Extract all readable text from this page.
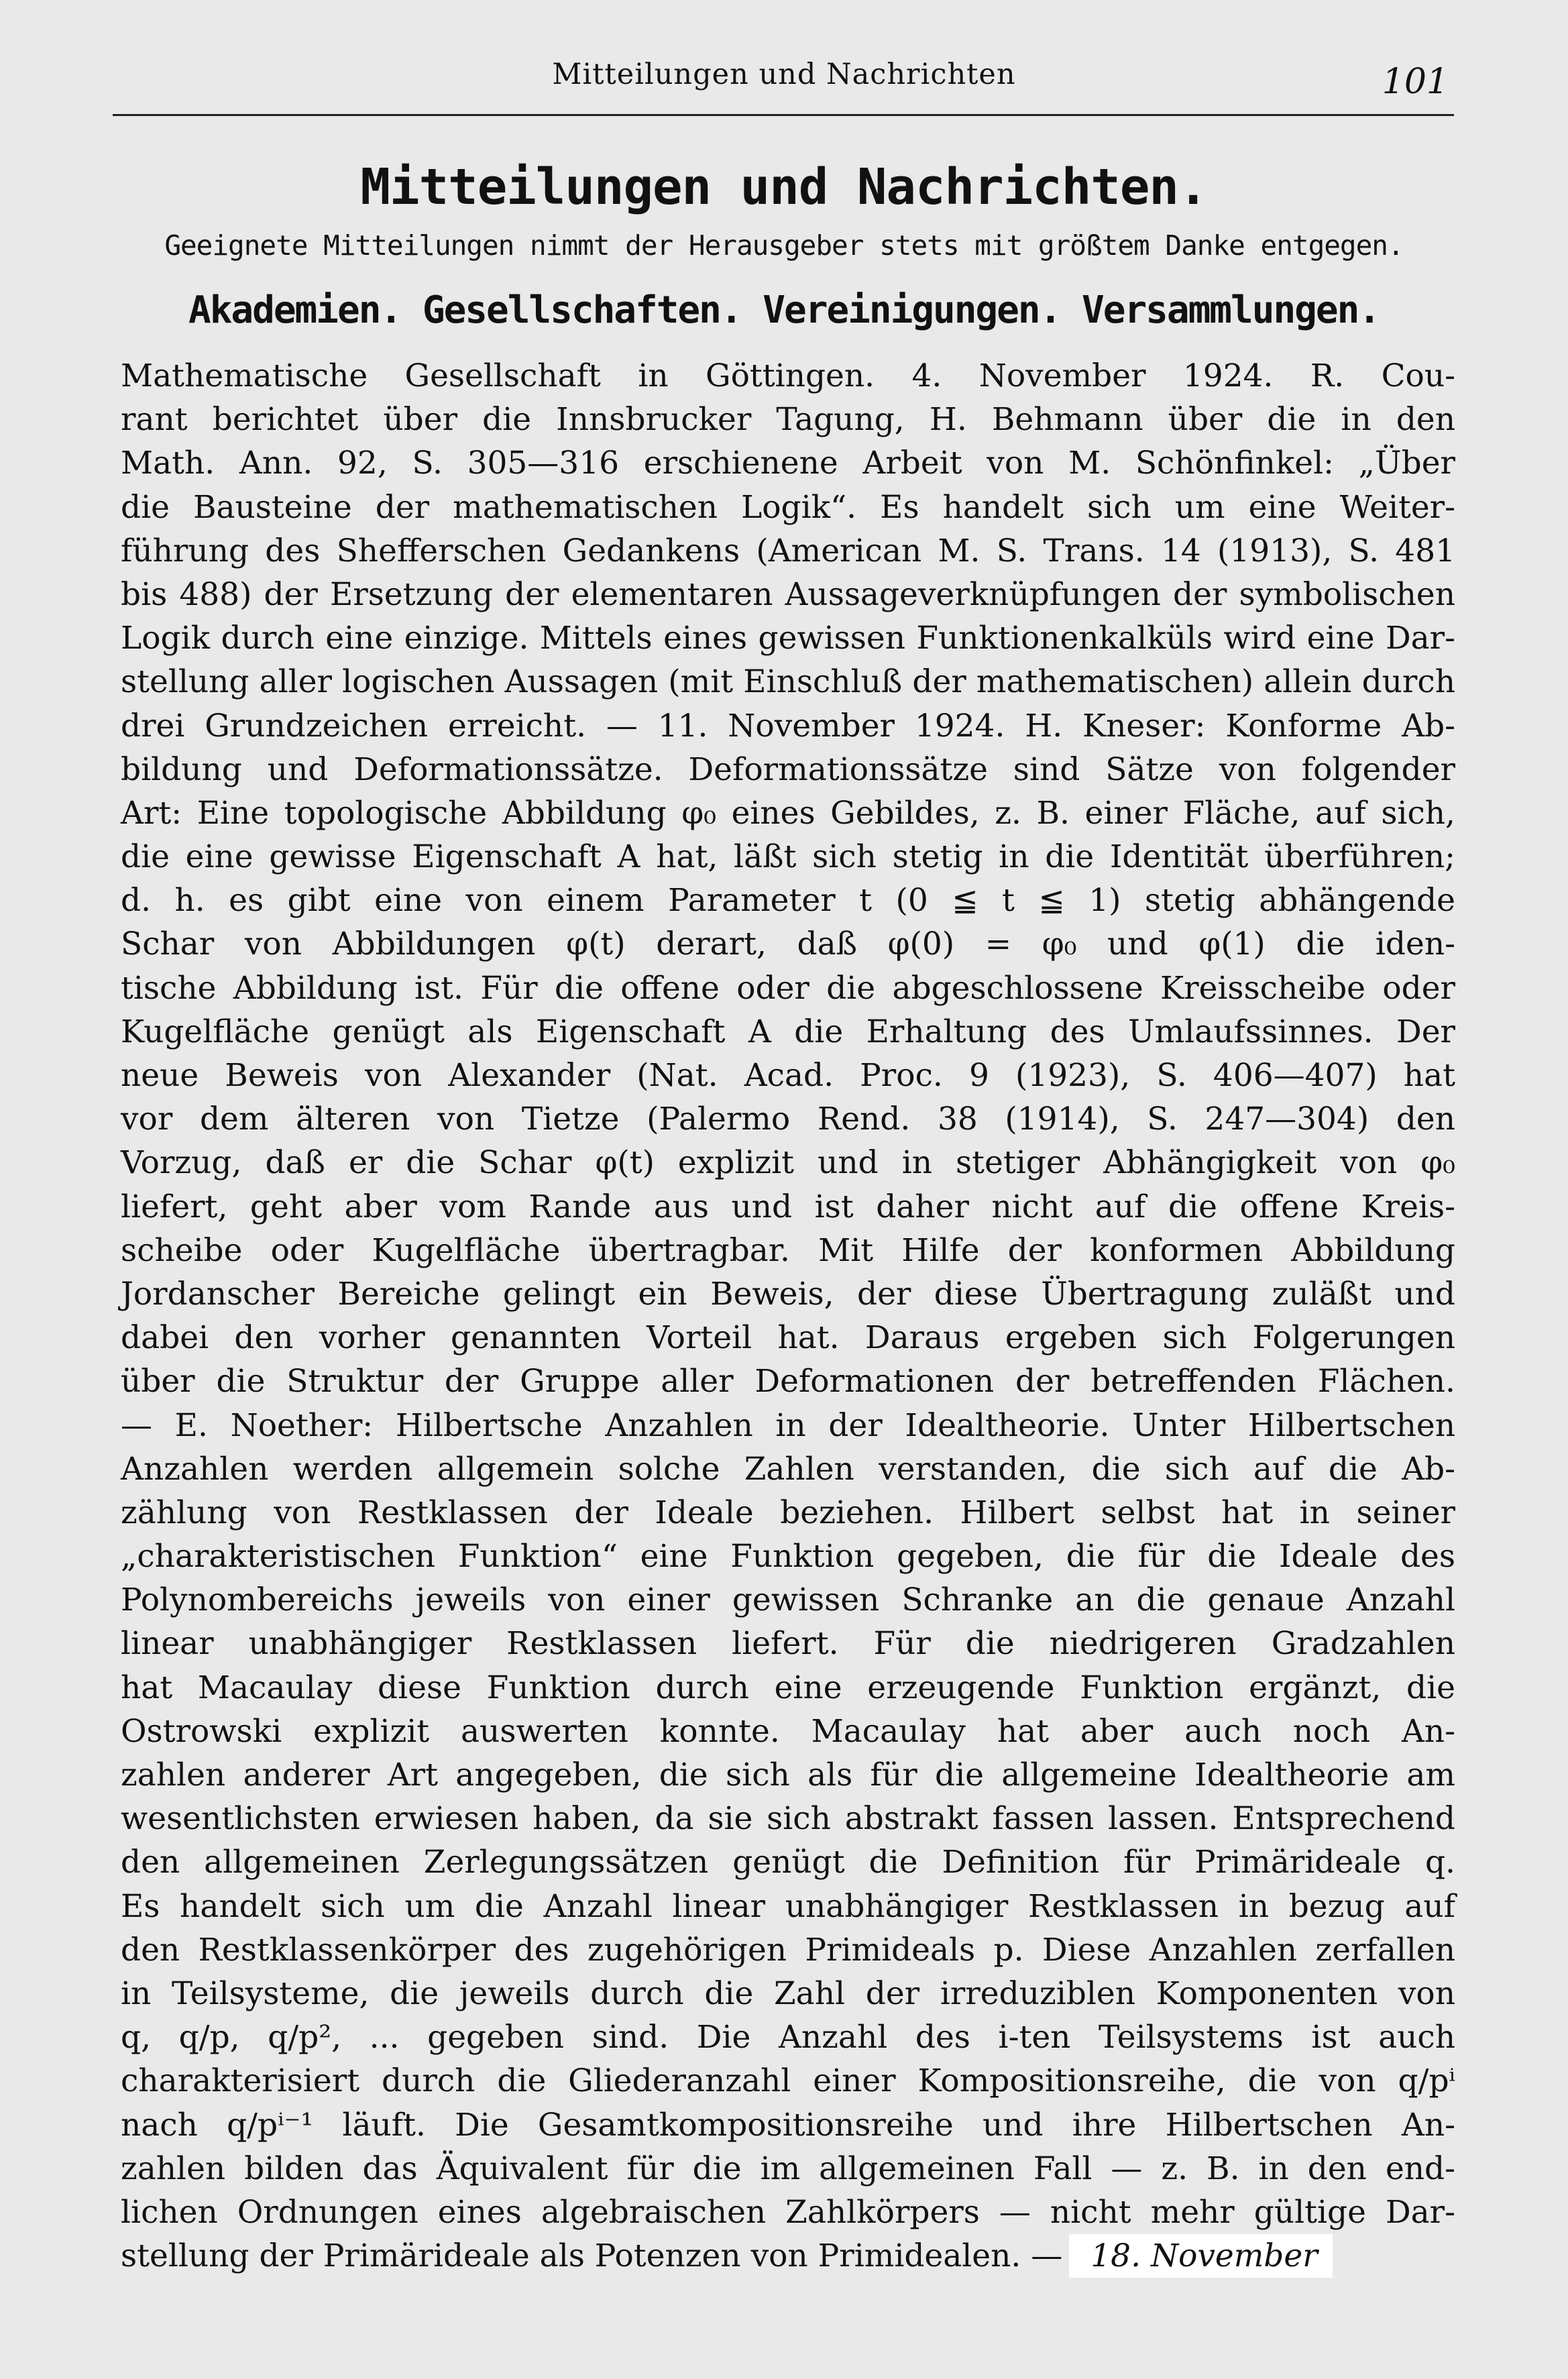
Mitteilungen und Nachrichten	101
Mitteilungen und Nachrichten.
Geeignete Mitteilungen nimmt der Herausgeber stets mit größtem Danke entgegen.
Akademien. Gesellschaften. Vereinigungen. Versammlungen.
Mathematische Gesellschaft in Göttingen. 4. November 1924. R. Cou-
rant berichtet über die Innsbrucker Tagung, H. Behmann über die in den
Math. Ann. 92, S. 305—316 erschienene Arbeit von M. Schönfinkel: „Über
die Bausteine der mathematischen Logik“. Es handelt sich um eine Weiter-
führung des Shefferschen Gedankens (American M. S. Trans. 14 (1913), S. 481
bis 488) der Ersetzung der elementaren Aussageverknüpfungen der symbolischen
Logik durch eine einzige. Mittels eines gewissen Funktionenkalküls wird eine Dar-
stellung aller logischen Aussagen (mit Einschluß der mathematischen) allein durch
drei Grundzeichen erreicht. — 11. November 1924. H. Kneser: Konforme Ab-
bildung und Deformationssätze. Deformationssätze sind Sätze von folgender
Art: Eine topologische Abbildung φ₀ eines Gebildes, z. B. einer Fläche, auf sich,
die eine gewisse Eigenschaft A hat, läßt sich stetig in die Identität überführen;
d. h. es gibt eine von einem Parameter t (0 ≦ t ≦ 1) stetig abhängende
Schar von Abbildungen φ(t) derart, daß φ(0) = φ₀ und φ(1) die iden-
tische Abbildung ist. Für die offene oder die abgeschlossene Kreisscheibe oder
Kugelfläche genügt als Eigenschaft A die Erhaltung des Umlaufssinnes. Der
neue Beweis von Alexander (Nat. Acad. Proc. 9 (1923), S. 406—407) hat
vor dem älteren von Tietze (Palermo Rend. 38 (1914), S. 247—304) den
Vorzug, daß er die Schar φ(t) explizit und in stetiger Abhängigkeit von φ₀
liefert, geht aber vom Rande aus und ist daher nicht auf die offene Kreis-
scheibe oder Kugelfläche übertragbar. Mit Hilfe der konformen Abbildung
Jordanscher Bereiche gelingt ein Beweis, der diese Übertragung zuläßt und
dabei den vorher genannten Vorteil hat. Daraus ergeben sich Folgerungen
über die Struktur der Gruppe aller Deformationen der betreffenden Flächen.
— E. Noether: Hilbertsche Anzahlen in der Idealtheorie. Unter Hilbertschen
Anzahlen werden allgemein solche Zahlen verstanden, die sich auf die Ab-
zählung von Restklassen der Ideale beziehen. Hilbert selbst hat in seiner
„charakteristischen Funktion“ eine Funktion gegeben, die für die Ideale des
Polynombereichs jeweils von einer gewissen Schranke an die genaue Anzahl
linear unabhängiger Restklassen liefert. Für die niedrigeren Gradzahlen
hat Macaulay diese Funktion durch eine erzeugende Funktion ergänzt, die
Ostrowski explizit auswerten konnte. Macaulay hat aber auch noch An-
zahlen anderer Art angegeben, die sich als für die allgemeine Idealtheorie am
wesentlichsten erwiesen haben, da sie sich abstrakt fassen lassen. Entsprechend
den allgemeinen Zerlegungssätzen genügt die Definition für Primärideale q.
Es handelt sich um die Anzahl linear unabhängiger Restklassen in bezug auf
den Restklassenkörper des zugehörigen Primideals p. Diese Anzahlen zerfallen
in Teilsysteme, die jeweils durch die Zahl der irreduziblen Komponenten von
q, q/p, q/p², ... gegeben sind. Die Anzahl des i-ten Teilsystems ist auch
charakterisiert durch die Gliederanzahl einer Kompositionsreihe, die von q/pⁱ
nach q/pⁱ⁻¹ läuft. Die Gesamtkompositionsreihe und ihre Hilbertschen An-
zahlen bilden das Äquivalent für die im allgemeinen Fall — z. B. in den end-
lichen Ordnungen eines algebraischen Zahlkörpers — nicht mehr gültige Dar-
stellung der Primärideale als Potenzen von Primidealen. — 18. November
